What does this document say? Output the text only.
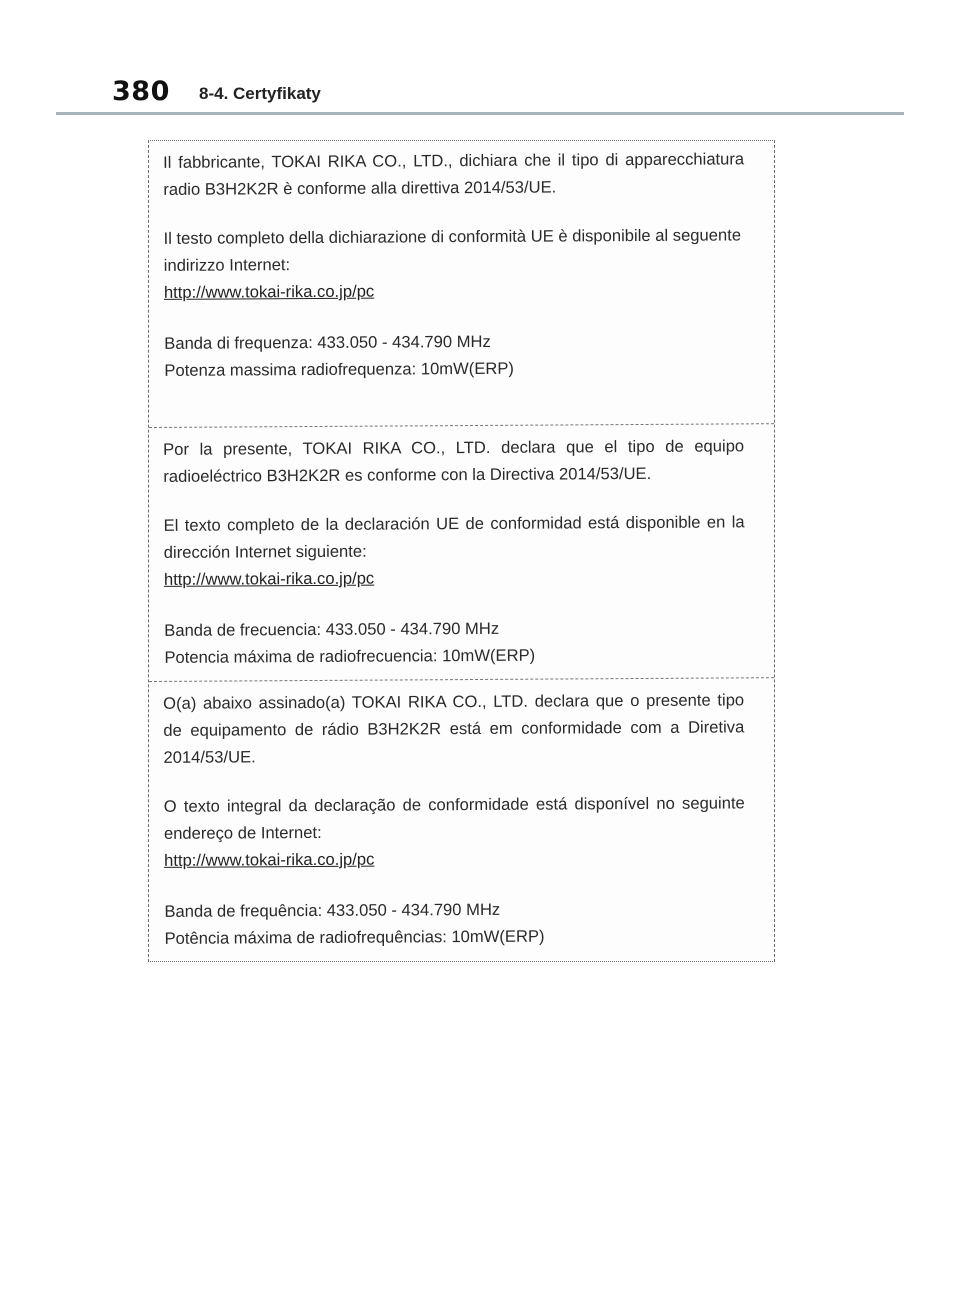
380 8-4. Certyfikaty

Il fabbricante, TOKAI RIKA CO., LTD., dichiara che il tipo di apparecchiatura radio B3H2K2R è conforme alla direttiva 2014/53/UE.

Il testo completo della dichiarazione di conformità UE è disponibile al seguente indirizzo Internet:

http://www.tokai-rika.co.jp/pc

Banda di frequenza: 433.050 - 434.790 MHz

Potenza massima radiofrequenza: 10mW(ERP)

Por la presente, TOKAI RIKA CO., LTD. declara que el tipo de equipo radioeléctrico B3H2K2R es conforme con la Directiva 2014/53/UE.

El texto completo de la declaración UE de conformidad está disponible en la dirección Internet siguiente:

http://www.tokai-rika.co.jp/pc

Banda de frecuencia: 433.050 - 434.790 MHz

Potencia máxima de radiofrecuencia: 10mW(ERP)

O(a) abaixo assinado(a) TOKAI RIKA CO., LTD. declara que o presente tipo de equipamento de rádio B3H2K2R está em conformidade com a Diretiva 2014/53/UE.

O texto integral da declaração de conformidade está disponível no seguinte endereço de Internet:

http://www.tokai-rika.co.jp/pc

Banda de frequência: 433.050 - 434.790 MHz

Potência máxima de radiofrequências: 10mW(ERP)
